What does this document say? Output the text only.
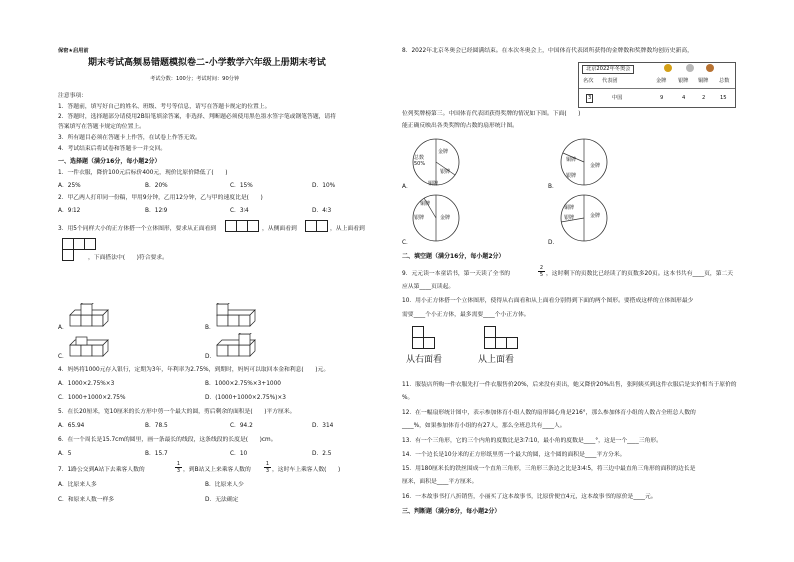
保密★启用前
期末考试高频易错题模拟卷二-小学数学六年级上册期末考试
考试分数：100分；考试时间：90分钟
注意事项：
1．答题前，填写好自己的姓名、班级、考号等信息，请写在答题卡规定的位置上。
2．答题时，选择题部分请使用2B铅笔填涂答案，非选择、判断题必须使用黑色墨水签字笔或钢笔答题，请将
答案填写在答题卡规定的位置上。
3．所有题目必须在答题卡上作答，在试卷上作答无效。
4．考试结束后将试卷和答题卡一并交回。
一、选择题（满分16分，每小题2分）
1．一件衣服，降价100元后标价400元，现价比原价降低了(　　)
A．25%	B．20%	C．15%	D．10%
2．甲乙两人打印同一份稿，甲用9分钟，乙用12分钟，乙与甲的速度比是(　　)
A．9∶12	B．12∶9	C．3∶4	D．4∶3
3．用5个同样大小的正方体搭一个立体图形，要求从正面看到	，从侧面看到	，从上面看到
，下面搭法中(　　)符合要求。
A．	B．
C．	D．
4．妈妈将1000元存入银行，定期为3年，年利率为2.75%，到期时，妈妈可以取回本金和利息(　　)元。
A．1000×2.75%×3	B．1000×2.75%×3+1000
C．1000+1000×2.75%	D．(1000+1000×2.75%)×3
5．在长20厘米，宽10厘米的长方形中剪一个最大的圆，剪后剩余的面积是(　　)平方厘米。
A．65.94	B．78.5	C．94.2	D．314
6．在一个周长是15.7cm的圆里，画一条最长的线段，这条线段的长度是(　　)cm。
A．5	B．15.7	C．10	D．2.5
7．1路公交到A站下去乘客人数的
1
3 ，到B站又上来乘客人数的
1
3 ，这时车上乘客人数(　　)
A．比原来人多	B．比原来人少
C．和原来人数一样多	D．无法确定
8．2022年北京冬奥会已经圆满结束。在本次冬奥会上，中国体育代表团所获得的金牌数和奖牌数均创历史新高，
北京2022年冬奥会
名次 代表团	金牌 银牌 铜牌 总数
3	中国	9	4	2	15
位列奖牌榜第三。中国体育代表团获得奖牌的情况如下图。下面(　　)
能正确反映出各类奖牌的占数的扇形统计图。
A．
金牌
总数
50%
银牌
铜牌
铜牌
银牌
金牌
C．
银牌
铜牌
金牌
D．
铜牌
银牌	金牌
B．
二、填空题（满分16分，每小题2分）
9．元元读一本童话书，第一天读了全书的
2
5 ，这时剩下的页数比已经读了的页数多20页。这本书共有____页，第二天
应从第____页读起。
10．用小正方体搭一个立体图形，使得从右面看和从上面看分别得到下面的两个图形。要搭成这样的立体图形最少
需要____个小正方体，最多需要____个小正方体。
从右面看	从上面看
11．服装店所购一件衣服先打一件衣服售价20%，后来没有卖出，她又降价20%出售，张阿姨买到这件衣服后是实价相当于原价的
%。
12．在一幅扇形统计图中，表示参加体育小组人数的扇形圆心角是216°，那么参加体育小组的人数占全班总人数的
____%，如果参加体育小组的有27人，那么全班总共有____人。
13．有一个三角形，它的三个内角的度数比是3∶7∶10，最小角的度数是____°，这是一个____三角形。
14．一个边长是10分米的正方形纸里剪一个最大的圆，这个圆的面积是____平方分米。
15．用180厘米长的铁丝围成一个直角三角形，三角形三条边之比是3∶4∶5，将三边中最直角三角形的面积的边长是
厘米，面积是____平方厘米。
16．一本故事书打八折销售，小丽买了这本故事书，比原价便宜4元，这本故事书的原价是____元。
三、判断题（满分8分，每小题2分）
